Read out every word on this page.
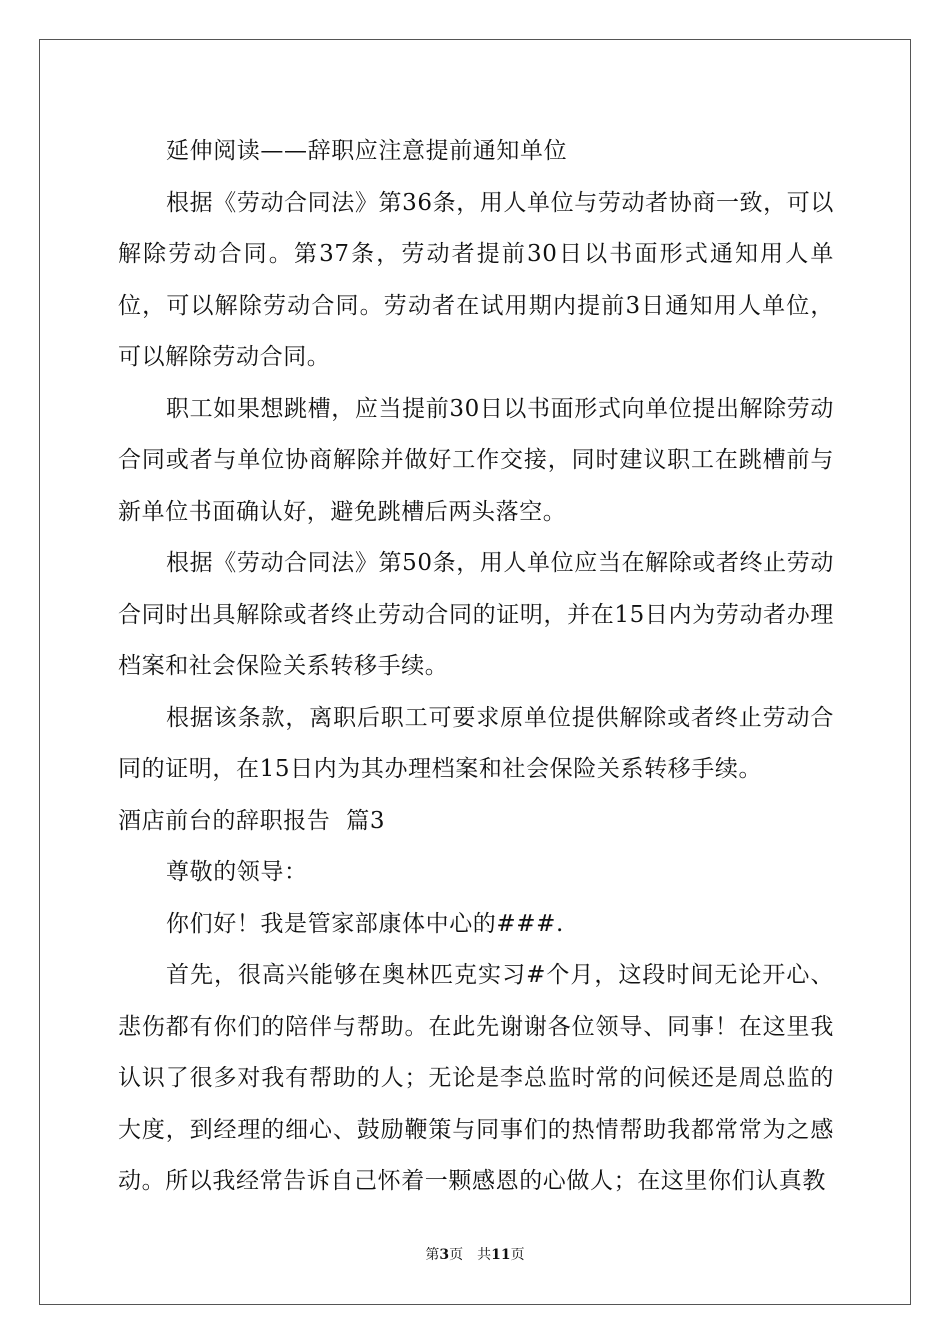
延伸阅读——辞职应注意提前通知单位

根据《劳动合同法》第36条，用人单位与劳动者协商一致，可以解除劳动合同。第37条，劳动者提前30日以书面形式通知用人单位，可以解除劳动合同。劳动者在试用期内提前3日通知用人单位，可以解除劳动合同。

职工如果想跳槽，应当提前30日以书面形式向单位提出解除劳动合同或者与单位协商解除并做好工作交接，同时建议职工在跳槽前与新单位书面确认好，避免跳槽后两头落空。

根据《劳动合同法》第50条，用人单位应当在解除或者终止劳动合同时出具解除或者终止劳动合同的证明，并在15日内为劳动者办理档案和社会保险关系转移手续。

根据该条款，离职后职工可要求原单位提供解除或者终止劳动合同的证明，在15日内为其办理档案和社会保险关系转移手续。

酒店前台的辞职报告  篇3

尊敬的领导：

你们好！我是管家部康体中心的###.

首先，很高兴能够在奥林匹克实习#个月，这段时间无论开心、悲伤都有你们的陪伴与帮助。在此先谢谢各位领导、同事！在这里我认识了很多对我有帮助的人；无论是李总监时常的问候还是周总监的大度，到经理的细心、鼓励鞭策与同事们的热情帮助我都常常为之感动。所以我经常告诉自己怀着一颗感恩的心做人；在这里你们认真教

第3页 共11页
